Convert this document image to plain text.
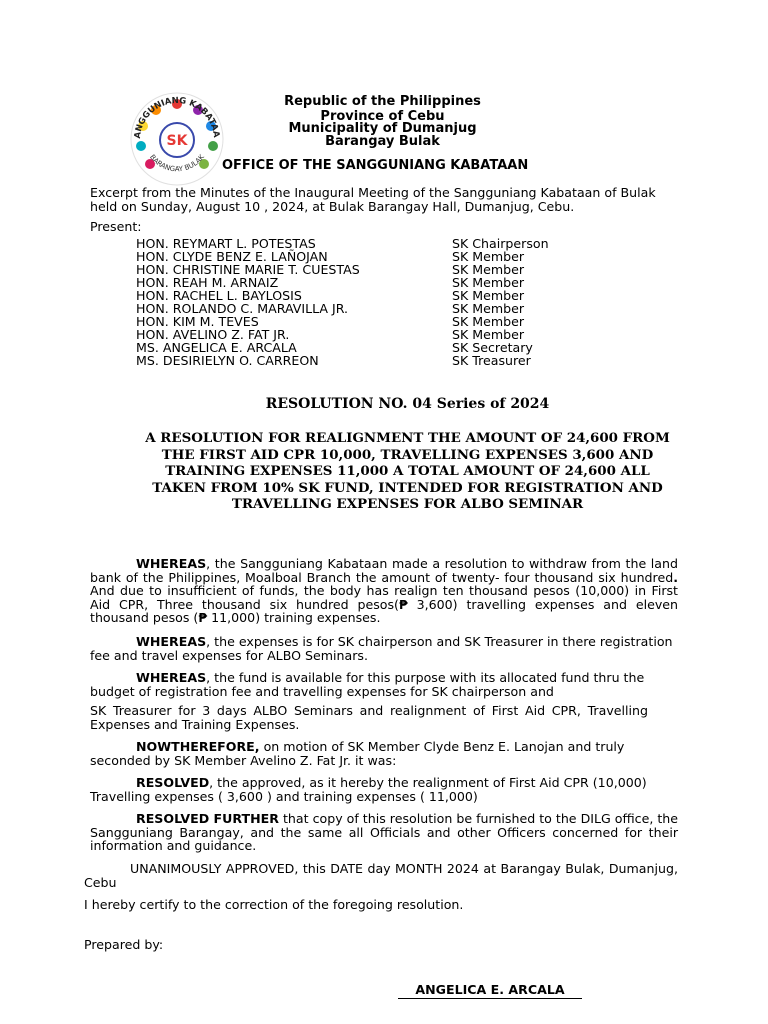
ANGGUNIANG KABATAA
BARANGAY BULAK
SK
Republic of the Philippines
Province of Cebu
Municipality of Dumanjug
Barangay Bulak
OFFICE OF THE SANGGUNIANG KABATAAN
Excerpt from the Minutes of the Inaugural Meeting of the Sangguniang Kabataan of Bulak held on Sunday, August 10 , 2024, at Bulak Barangay Hall, Dumanjug, Cebu.
Present:
HON. REYMART L. POTESTAS	SK Chairperson
HON. CLYDE BENZ E. LAÑOJAN	SK Member
HON. CHRISTINE MARIE T. CUESTAS	SK Member
HON. REAH M. ARNAIZ	SK Member
HON. RACHEL L. BAYLOSIS	SK Member
HON. ROLANDO C. MARAVILLA JR.	SK Member
HON. KIM M. TEVES	SK Member
HON. AVELINO Z. FAT JR.	SK Member
MS. ANGELICA E. ARCALA	SK Secretary
MS. DESIRIELYN O. CARREON	SK Treasurer
RESOLUTION NO. 04 Series of 2024
A RESOLUTION FOR REALIGNMENT THE AMOUNT OF 24,600 FROM THE FIRST AID CPR 10,000, TRAVELLING EXPENSES 3,600 AND TRAINING EXPENSES 11,000 A TOTAL AMOUNT OF 24,600 ALL TAKEN FROM 10% SK FUND, INTENDED FOR REGISTRATION AND TRAVELLING EXPENSES FOR ALBO SEMINAR
WHEREAS, the Sangguniang Kabataan made a resolution to withdraw from the land bank of the Philippines, Moalboal Branch the amount of twenty- four thousand six hundred. And due to insufficient of funds, the body has realign ten thousand pesos (10,000) in First Aid CPR, Three thousand six hundred pesos(₱ 3,600) travelling expenses and eleven thousand pesos (₱ 11,000) training expenses.
WHEREAS, the expenses is for SK chairperson and SK Treasurer in there registration fee and travel expenses for ALBO Seminars.
WHEREAS, the fund is available for this purpose with its allocated fund thru the budget of registration fee and travelling expenses for SK chairperson and
SK Treasurer for 3 days ALBO Seminars and realignment of First Aid CPR, Travelling Expenses and Training Expenses.
NOWTHEREFORE, on motion of SK Member Clyde Benz E. Lanojan and truly seconded by SK Member Avelino Z. Fat Jr. it was:
RESOLVED, the approved, as it hereby the realignment of First Aid CPR (10,000) Travelling expenses ( 3,600 ) and training expenses ( 11,000)
RESOLVED FURTHER that copy of this resolution be furnished to the DILG office, the Sangguniang Barangay, and the same all Officials and other Officers concerned for their information and guidance.
UNANIMOUSLY APPROVED, this DATE day MONTH 2024 at Barangay Bulak, Dumanjug, Cebu
I hereby certify to the correction of the foregoing resolution.
Prepared by:
ANGELICA E. ARCALA
